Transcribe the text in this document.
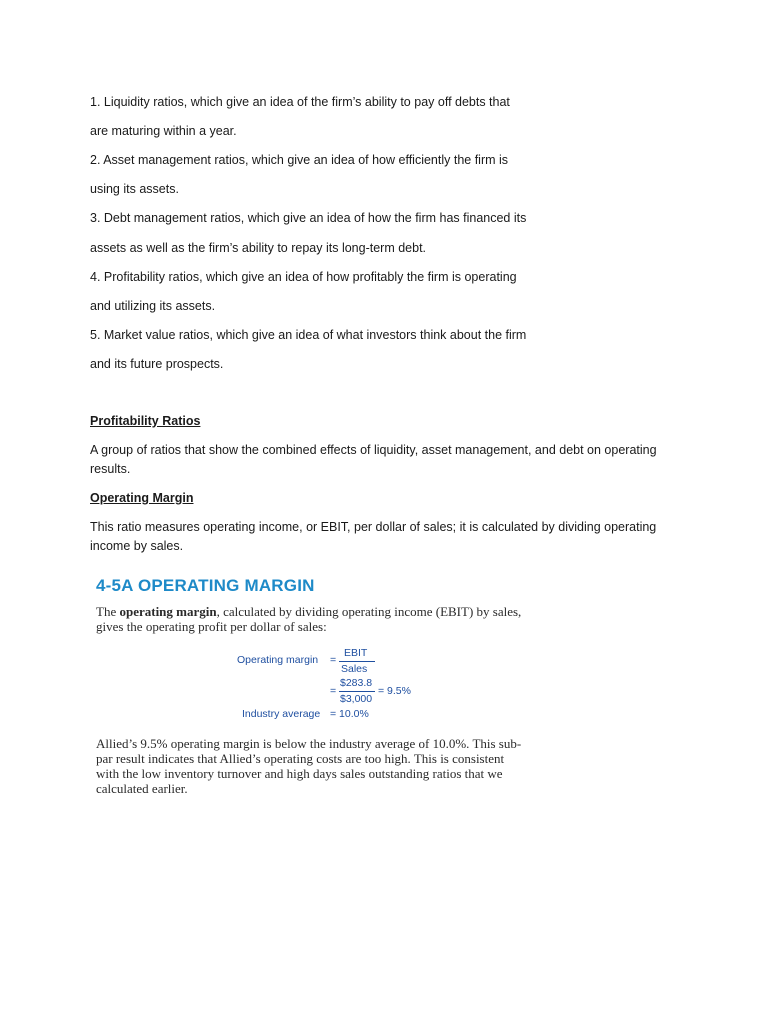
1. Liquidity ratios, which give an idea of the firm’s ability to pay off debts that
are maturing within a year.
2. Asset management ratios, which give an idea of how efficiently the firm is
using its assets.
3. Debt management ratios, which give an idea of how the firm has financed its
assets as well as the firm’s ability to repay its long-term debt.
4. Profitability ratios, which give an idea of how profitably the firm is operating
and utilizing its assets.
5. Market value ratios, which give an idea of what investors think about the firm
and its future prospects.
Profitability Ratios
A group of ratios that show the combined effects of liquidity, asset management, and debt on operating results.
Operating Margin
This ratio measures operating income, or EBIT, per dollar of sales; it is calculated by dividing operating income by sales.
4-5A OPERATING MARGIN
The operating margin, calculated by dividing operating income (EBIT) by sales,
gives the operating profit per dollar of sales:
Operating margin =
EBIT
Sales
=
$283.8
$3,000
= 9.5%
Industry average = 10.0%
Allied’s 9.5% operating margin is below the industry average of 10.0%. This sub-
par result indicates that Allied’s operating costs are too high. This is consistent
with the low inventory turnover and high days sales outstanding ratios that we
calculated earlier.
